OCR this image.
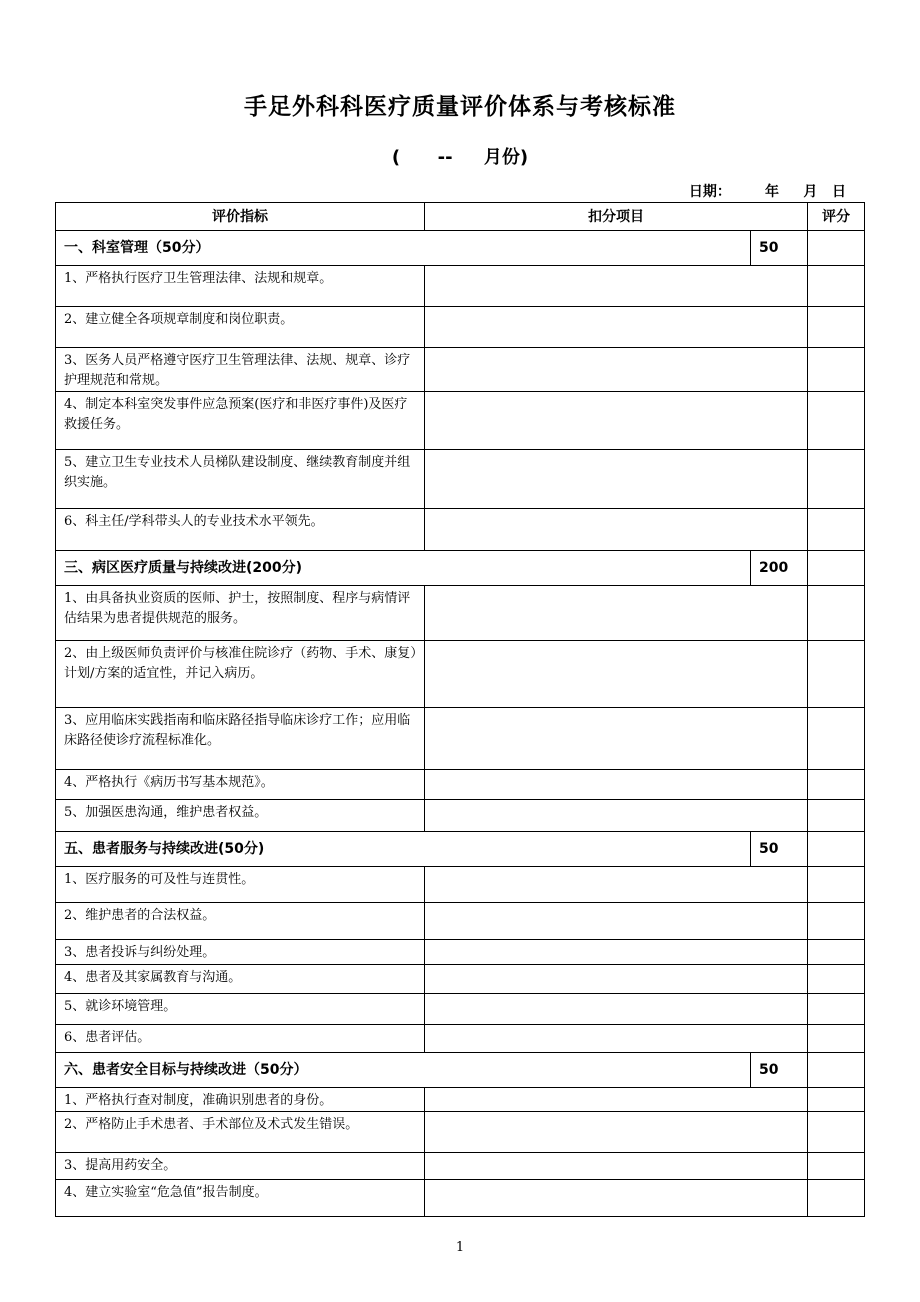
手足外科科医疗质量评价体系与考核标准
(      --     月份)
日期：       年     月   日
评价指标	扣分项目		评分
一、科室管理（50分）		50	
1、严格执行医疗卫生管理法律、法规和规章。			
2、建立健全各项规章制度和岗位职责。			
3、医务人员严格遵守医疗卫生管理法律、法规、规章、诊疗护理规范和常规。			
4、制定本科室突发事件应急预案(医疗和非医疗事件)及医疗救援任务。			
5、建立卫生专业技术人员梯队建设制度、继续教育制度并组织实施。			
6、科主任/学科带头人的专业技术水平领先。			
三、病区医疗质量与持续改进(200分)		200	
1、由具备执业资质的医师、护士，按照制度、程序与病情评估结果为患者提供规范的服务。			
2、由上级医师负责评价与核准住院诊疗（药物、手术、康复）计划/方案的适宜性，并记入病历。			
3、应用临床实践指南和临床路径指导临床诊疗工作；应用临床路径使诊疗流程标准化。			
4、严格执行《病历书写基本规范》。			
5、加强医患沟通，维护患者权益。			
五、患者服务与持续改进(50分)		50	
1、医疗服务的可及性与连贯性。			
2、维护患者的合法权益。			
3、患者投诉与纠纷处理。			
4、患者及其家属教育与沟通。			
5、就诊环境管理。			
6、患者评估。			
六、患者安全目标与持续改进（50分）		50	
1、严格执行查对制度，准确识别患者的身份。			
2、严格防止手术患者、手术部位及术式发生错误。			
3、提高用药安全。			
4、建立实验室“危急值”报告制度。			
1
